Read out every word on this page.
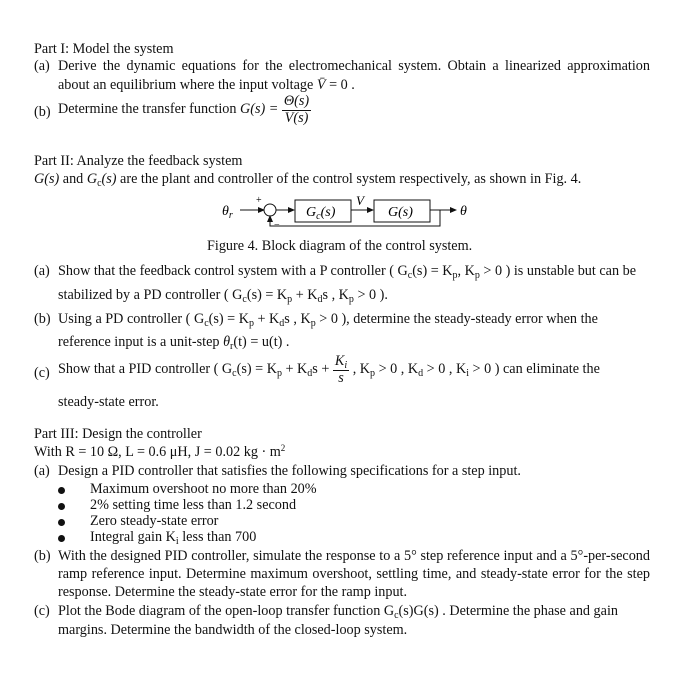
Part I: Model the system
(a) Derive the dynamic equations for the electromechanical system. Obtain a linearized approximation
about an equilibrium where the input voltage V̄ = 0 .
(b) Determine the transfer function $G(s) = \frac{\Theta(s)}{V(s)}$
Part II: Analyze the feedback system
G(s) and $G_c(s)$ are the plant and controller of the control system respectively, as shown in Fig. 4.
$\theta_r$
+
−
$G_c(s)$
V
G(s)	θ
Figure 4. Block diagram of the control system.
(a) Show that the feedback control system with a P controller ( $G_c(s) = K_p$, $K_p > 0$ ) is unstable but can be
stabilized by a PD controller ( $G_c(s) = K_p + K_ds$ , $K_p > 0$ ).
(b) Using a PD controller ( $G_c(s) = K_p + K_ds$ , $K_p > 0$ ), determine the steady-steady error when the
reference input is a unit-step $\theta_r(t) = u(t)$ .
(c) Show that a PID controller ( $G_c(s) = K_p + K_ds + \frac{K_i}{s}$ , $K_p > 0$ , $K_d > 0$ , $K_i > 0$ ) can eliminate the
steady-state error.
Part III: Design the controller
With R = 10 Ω, L = 0.6 μH, J = 0.02 kg · $m^2$
(a) Design a PID controller that satisfies the following specifications for a step input.
Maximum overshoot no more than 20%
2% setting time less than 1.2 second
Zero steady-state error
Integral gain $K_i$ less than 700
(b) With the designed PID controller, simulate the response to a 5° step reference input and a 5°-per-second
ramp reference input. Determine maximum overshoot, settling time, and steady-state error for the step
response. Determine the steady-state error for the ramp input.
(c) Plot the Bode diagram of the open-loop transfer function $G_c(s)G(s)$ . Determine the phase and gain
margins. Determine the bandwidth of the closed-loop system.
